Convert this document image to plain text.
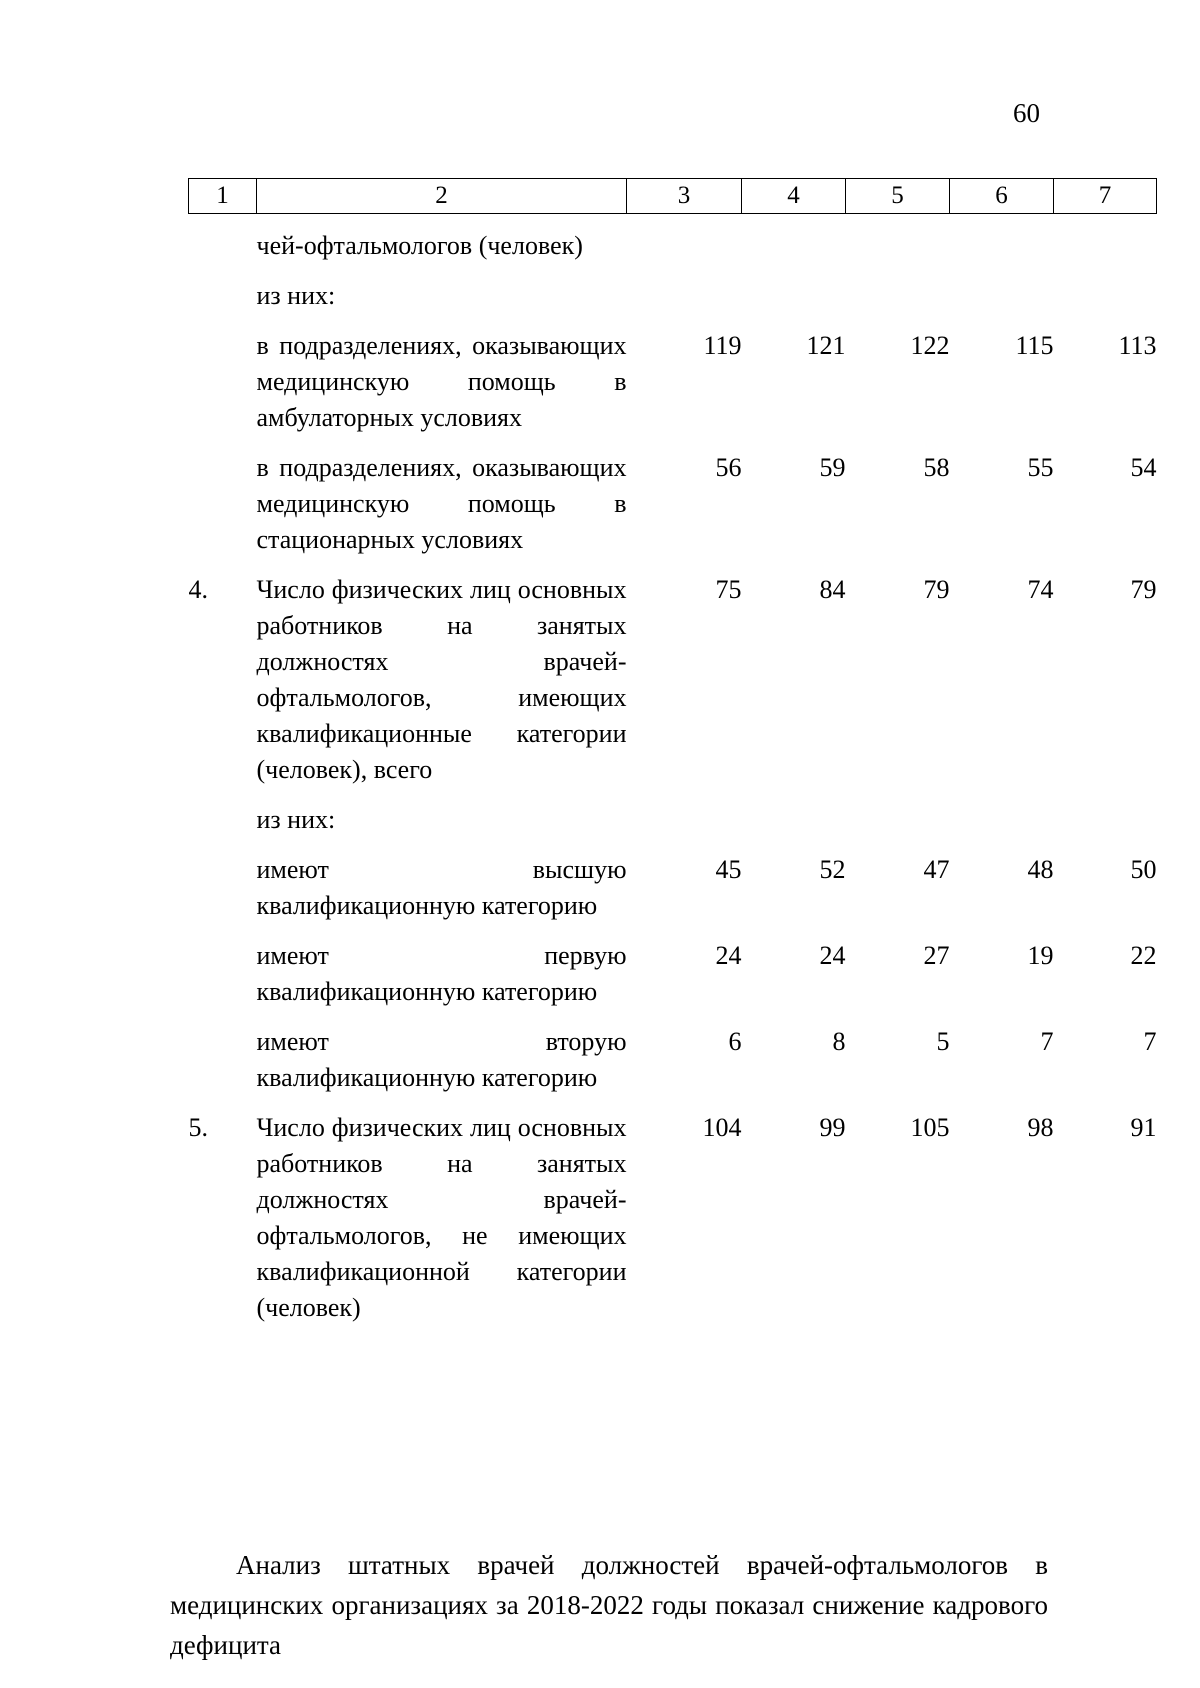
60
1	2	3	4	5	6	7
	чей-офтальмологов (человек)					
	из них:					
	в подразделениях, оказывающих медицинскую помощь в амбулаторных условиях	119	121	122	115	113
	в подразделениях, оказывающих медицинскую помощь в стационарных условиях	56	59	58	55	54
4.	Число физических лиц основных работников на занятых должностях врачей-офтальмологов, имеющих квалификационные категории (человек), всего	75	84	79	74	79
	из них:					
	имеют высшую квалификационную категорию	45	52	47	48	50
	имеют первую квалификационную категорию	24	24	27	19	22
	имеют вторую квалификационную категорию	6	8	5	7	7
5.	Число физических лиц основных работников на занятых должностях врачей-офтальмологов, не имеющих квалификационной категории (человек)	104	99	105	98	91
Анализ штатных врачей должностей врачей-офтальмологов в медицинских организациях за 2018-2022 годы показал снижение кадрового дефицита
